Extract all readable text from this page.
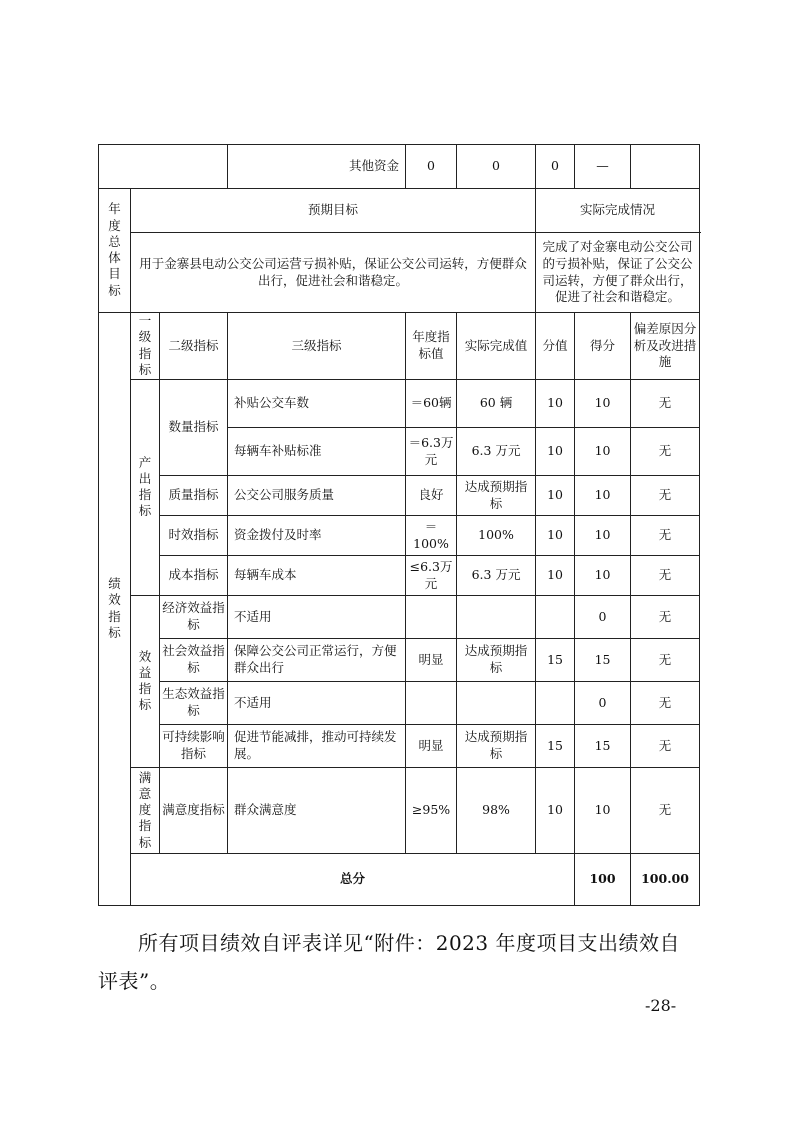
			其他资金	0	0	0	—		
年度总体目标	预期目标					实际完成情况			
	用于金寨县电动公交公司运营亏损补贴，保证公交公司运转，方便群众出行，促进社会和谐稳定。					完成了对金寨电动公交公司的亏损补贴，保证了公交公司运转，方便了群众出行，促进了社会和谐稳定。			
绩效指标	一级指标	二级指标	三级指标	年度指标值	实际完成值	分值	得分	偏差原因分析及改进措施	
	产出指标	数量指标	补贴公交车数	＝60辆	60 辆	10	10	无	
			每辆车补贴标准	＝6.3万元	6.3 万元	10	10	无	
		质量指标	公交公司服务质量	良好	达成预期指标	10	10	无	
		时效指标	资金拨付及时率	＝100%	100%	10	10	无	
		成本指标	每辆车成本	≤6.3万元	6.3 万元	10	10	无	
	效益指标	经济效益指标	不适用				0	无	
		社会效益指标	保障公交公司正常运行，方便群众出行	明显	达成预期指标	15	15	无	
		生态效益指标	不适用				0	无	
		可持续影响指标	促进节能减排，推动可持续发展。	明显	达成预期指标	15	15	无	
	满意度指标	满意度指标	群众满意度	≥95%	98%	10	10	无	
	总分						100	100.00	

所有项目绩效自评表详见“附件：2023 年度项目支出绩效自评表”。

-28-
